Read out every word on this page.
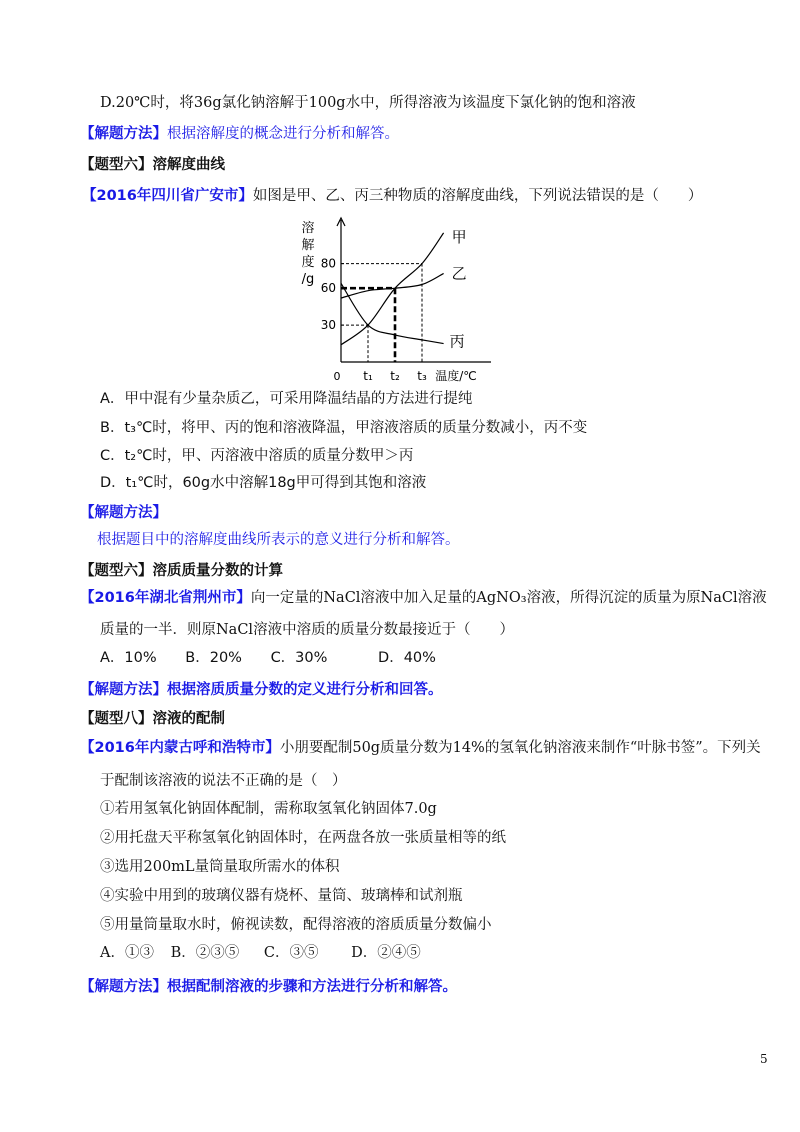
D.20℃时，将36g氯化钠溶解于100g水中，所得溶液为该温度下氯化钠的饱和溶液
【解题方法】根据溶解度的概念进行分析和解答。
【题型六】溶解度曲线
【2016年四川省广安市】如图是甲、乙、丙三种物质的溶解度曲线，下列说法错误的是（　　）
溶
解
度
/g
30
60
80
0 t₁ t₂ t₃ 温度/℃
甲
乙
丙
A．甲中混有少量杂质乙，可采用降温结晶的方法进行提纯
B．t₃℃时，将甲、丙的饱和溶液降温，甲溶液溶质的质量分数减小，丙不变
C．t₂℃时，甲、丙溶液中溶质的质量分数甲＞丙
D．t₁℃时，60g水中溶解18g甲可得到其饱和溶液
【解题方法】
根据题目中的溶解度曲线所表示的意义进行分析和解答。
【题型六】溶质质量分数的计算
【2016年湖北省荆州市】向一定量的NaCl溶液中加入足量的AgNO₃溶液，所得沉淀的质量为原NaCl溶液
质量的一半．则原NaCl溶液中溶质的质量分数最接近于（　　）
A．10% B．20% C．30%	D．40%
【解题方法】根据溶质质量分数的定义进行分析和回答。
【题型八】溶液的配制
【2016年内蒙古呼和浩特市】小朋要配制50g质量分数为14%的氢氧化钠溶液来制作“叶脉书签”。下列关
于配制该溶液的说法不正确的是（　）
①若用氢氧化钠固体配制，需称取氢氧化钠固体7.0g
②用托盘天平称氢氧化钠固体时，在两盘各放一张质量相等的纸
③选用200mL量筒量取所需水的体积
④实验中用到的玻璃仪器有烧杯、量筒、玻璃棒和试剂瓶
⑤用量筒量取水时，俯视读数，配得溶液的溶质质量分数偏小
A．①③ B．②③⑤ C．③⑤ D．②④⑤
【解题方法】根据配制溶液的步骤和方法进行分析和解答。
5
